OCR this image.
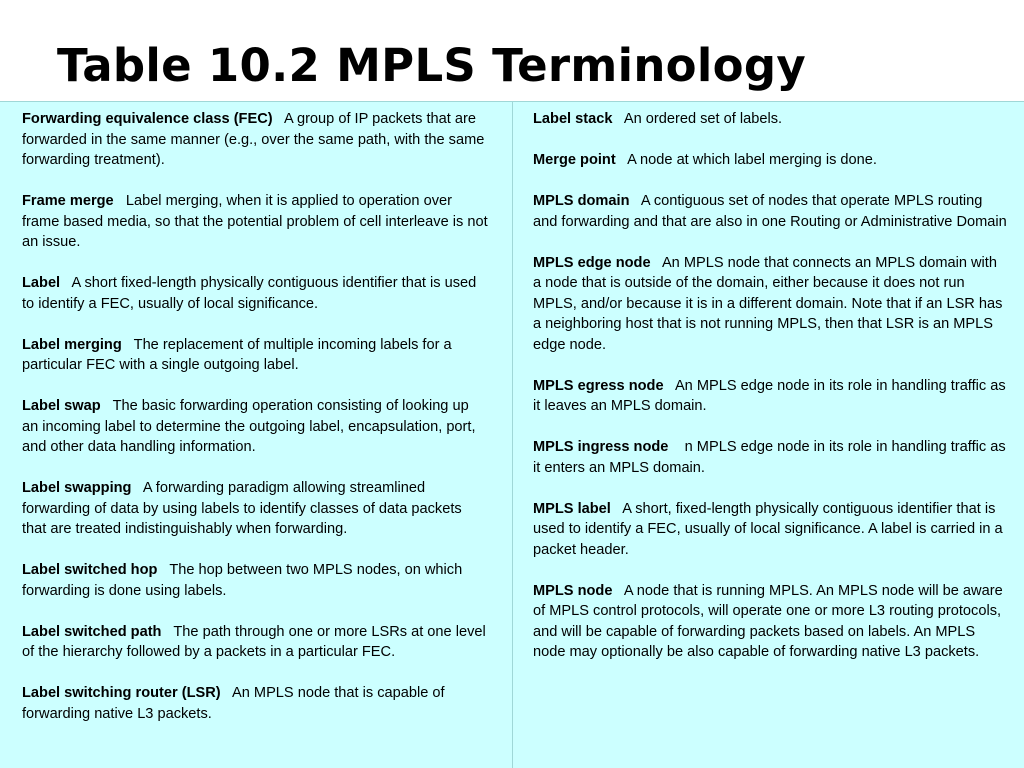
Table 10.2 MPLS Terminology

Forwarding equivalence class (FEC) A group of IP packets that are forwarded in the same manner (e.g., over the same path, with the same forwarding treatment).

Frame merge Label merging, when it is applied to operation over frame based media, so that the potential problem of cell interleave is not an issue.

Label A short fixed-length physically contiguous identifier that is used to identify a FEC, usually of local significance.

Label merging The replacement of multiple incoming labels for a particular FEC with a single outgoing label.

Label swap The basic forwarding operation consisting of looking up an incoming label to determine the outgoing label, encapsulation, port, and other data handling information.

Label swapping A forwarding paradigm allowing streamlined forwarding of data by using labels to identify classes of data packets that are treated indistinguishably when forwarding.

Label switched hop The hop between two MPLS nodes, on which forwarding is done using labels.

Label switched path The path through one or more LSRs at one level of the hierarchy followed by a packets in a particular FEC.

Label switching router (LSR) An MPLS node that is capable of forwarding native L3 packets.

Label stack An ordered set of labels.

Merge point A node at which label merging is done.

MPLS domain A contiguous set of nodes that operate MPLS routing and forwarding and that are also in one Routing or Administrative Domain

MPLS edge node An MPLS node that connects an MPLS domain with a node that is outside of the domain, either because it does not run MPLS, and/or because it is in a different domain. Note that if an LSR has a neighboring host that is not running MPLS, then that LSR is an MPLS edge node.

MPLS egress node An MPLS edge node in its role in handling traffic as it leaves an MPLS domain.

MPLS ingress node n MPLS edge node in its role in handling traffic as it enters an MPLS domain.

MPLS label A short, fixed-length physically contiguous identifier that is used to identify a FEC, usually of local significance. A label is carried in a packet header.

MPLS node A node that is running MPLS. An MPLS node will be aware of MPLS control protocols, will operate one or more L3 routing protocols, and will be capable of forwarding packets based on labels. An MPLS node may optionally be also capable of forwarding native L3 packets.
